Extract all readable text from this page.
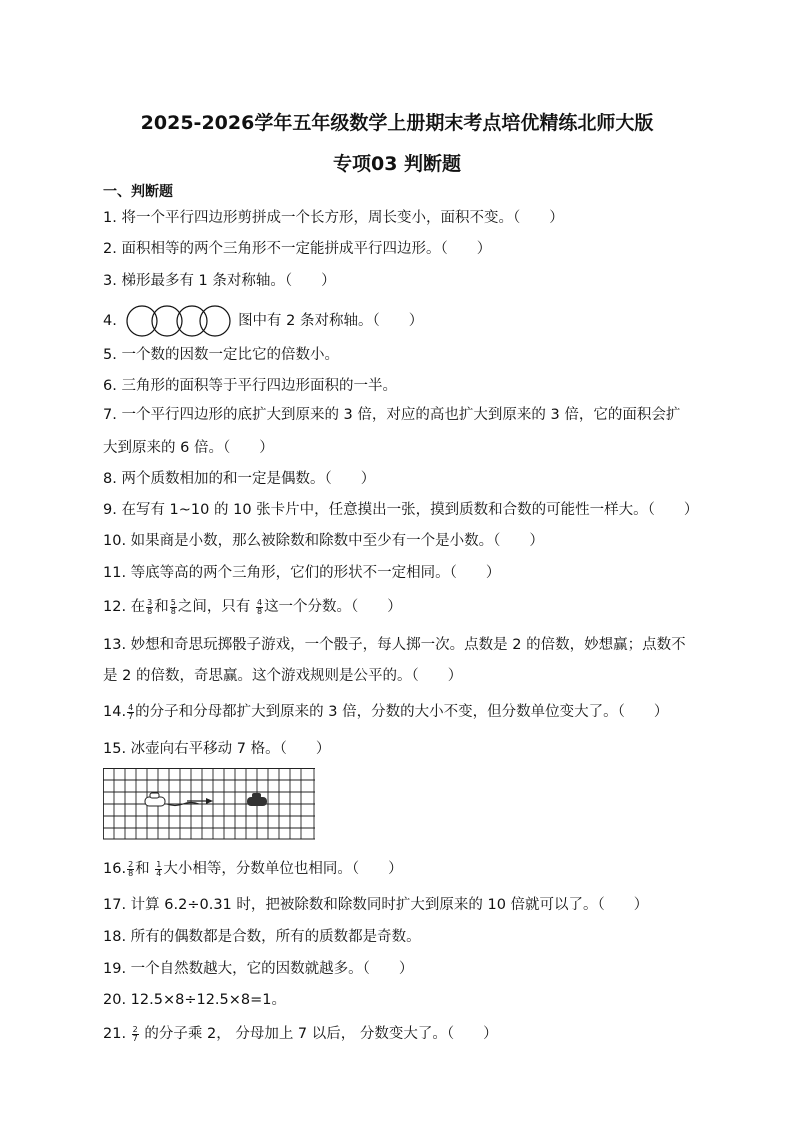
2025-2026学年五年级数学上册期末考点培优精练北师大版
专项03 判断题
一、判断题
1. 将一个平行四边形剪拼成一个长方形，周长变小，面积不变。（　　）
2. 面积相等的两个三角形不一定能拼成平行四边形。（　　）
3. 梯形最多有 1 条对称轴。（　　）
4.	图中有 2 条对称轴。（　　）
5. 一个数的因数一定比它的倍数小。
6. 三角形的面积等于平行四边形面积的一半。
7. 一个平行四边形的底扩大到原来的 3 倍，对应的高也扩大到原来的 3 倍，它的面积会扩
大到原来的 6 倍。（　　）
8. 两个质数相加的和一定是偶数。（　　）
9. 在写有 1~10 的 10 张卡片中，任意摸出一张，摸到质数和合数的可能性一样大。（　　）
10. 如果商是小数，那么被除数和除数中至少有一个是小数。（　　）
11. 等底等高的两个三角形，它们的形状不一定相同。（　　）
12. 在 $\frac{3}{8}$ 和 $\frac{5}{8}$ 之间，只有 $\frac{4}{8}$ 这一个分数。（　　）
13. 妙想和奇思玩掷骰子游戏，一个骰子，每人掷一次。点数是 2 的倍数，妙想赢；点数不
是 2 的倍数，奇思赢。这个游戏规则是公平的。（　　）
14. $\frac{4}{7}$ 的分子和分母都扩大到原来的 3 倍，分数的大小不变，但分数单位变大了。（　　）
15. 冰壶向右平移动 7 格。（　　）
16. $\frac{2}{8}$ 和 $\frac{1}{4}$ 大小相等，分数单位也相同。（　　）
17. 计算 6.2÷0.31 时，把被除数和除数同时扩大到原来的 10 倍就可以了。（　　）
18. 所有的偶数都是合数，所有的质数都是奇数。
19. 一个自然数越大，它的因数就越多。（　　）
20. 12.5×8÷12.5×8=1。
21. $\frac{2}{7}$ 的分子乘 2， 分母加上 7 以后， 分数变大了。（　　）
